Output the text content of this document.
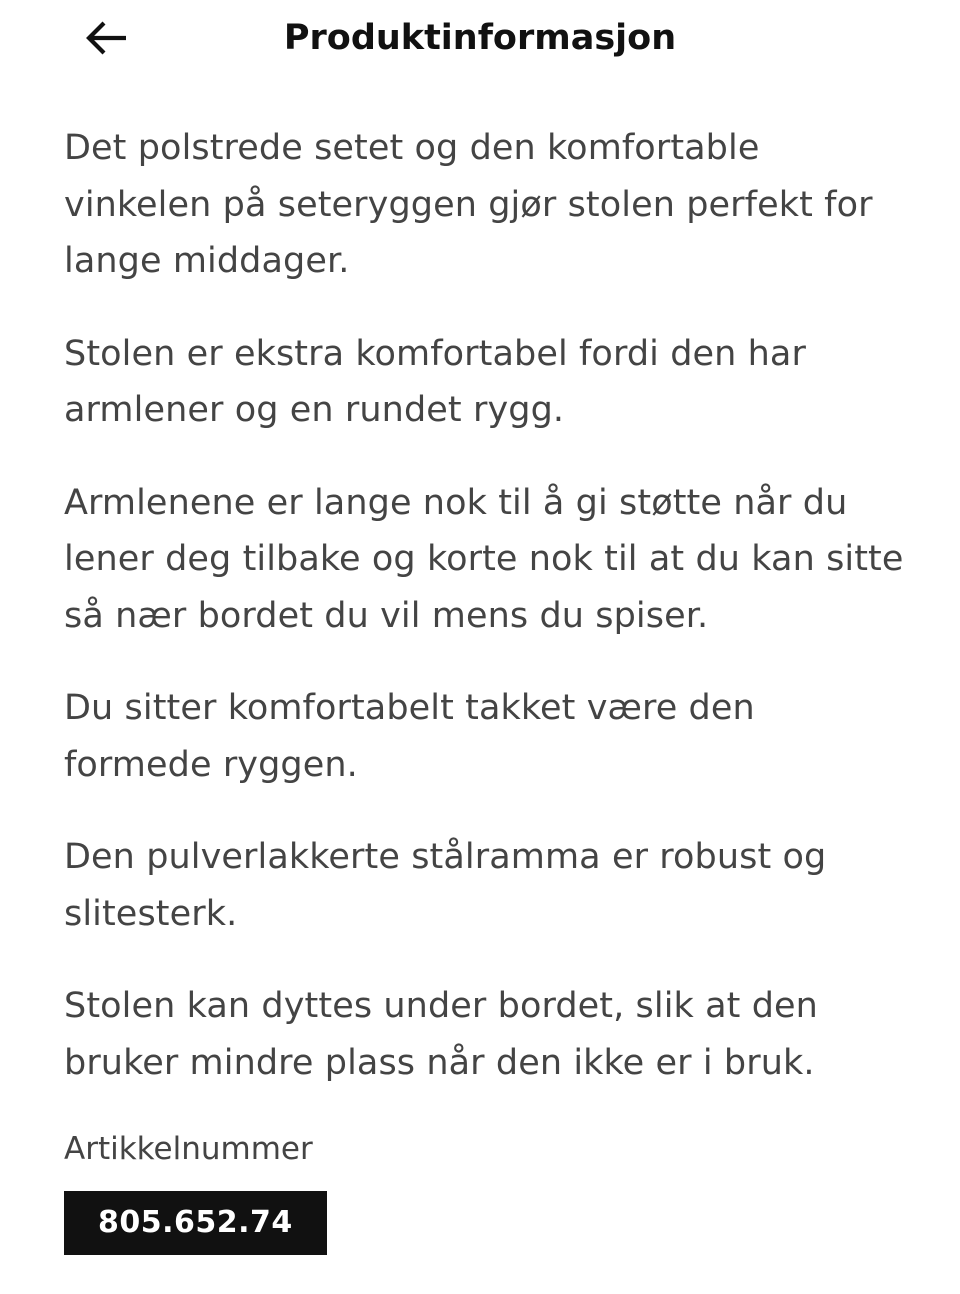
Produktinformasjon

Det polstrede setet og den komfortable vinkelen på seteryggen gjør stolen perfekt for lange middager.

Stolen er ekstra komfortabel fordi den har armlener og en rundet rygg.

Armlenene er lange nok til å gi støtte når du lener deg tilbake og korte nok til at du kan sitte så nær bordet du vil mens du spiser.

Du sitter komfortabelt takket være den formede ryggen.

Den pulverlakkerte stålramma er robust og slitesterk.

Stolen kan dyttes under bordet, slik at den bruker mindre plass når den ikke er i bruk.

Artikkelnummer
805.652.74
